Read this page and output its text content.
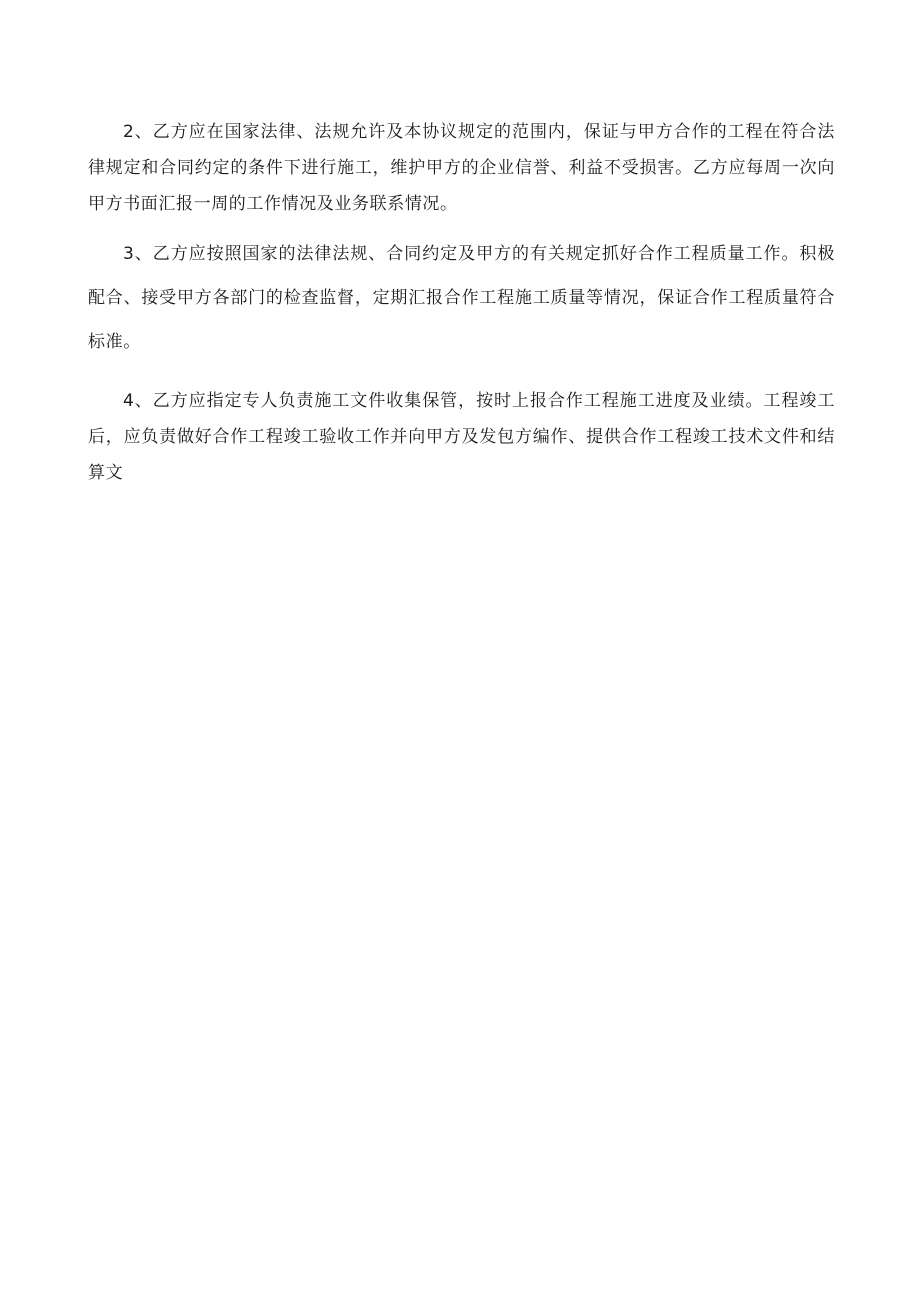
2、乙方应在国家法律、法规允许及本协议规定的范围内，保证与甲方合作的工程在符合法律规定和合同约定的条件下进行施工，维护甲方的企业信誉、利益不受损害。乙方应每周一次向甲方书面汇报一周的工作情况及业务联系情况。

3、乙方应按照国家的法律法规、合同约定及甲方的有关规定抓好合作工程质量工作。积极配合、接受甲方各部门的检查监督，定期汇报合作工程施工质量等情况，保证合作工程质量符合标准。

4、乙方应指定专人负责施工文件收集保管，按时上报合作工程施工进度及业绩。工程竣工后，应负责做好合作工程竣工验收工作并向甲方及发包方编作、提供合作工程竣工技术文件和结算文
